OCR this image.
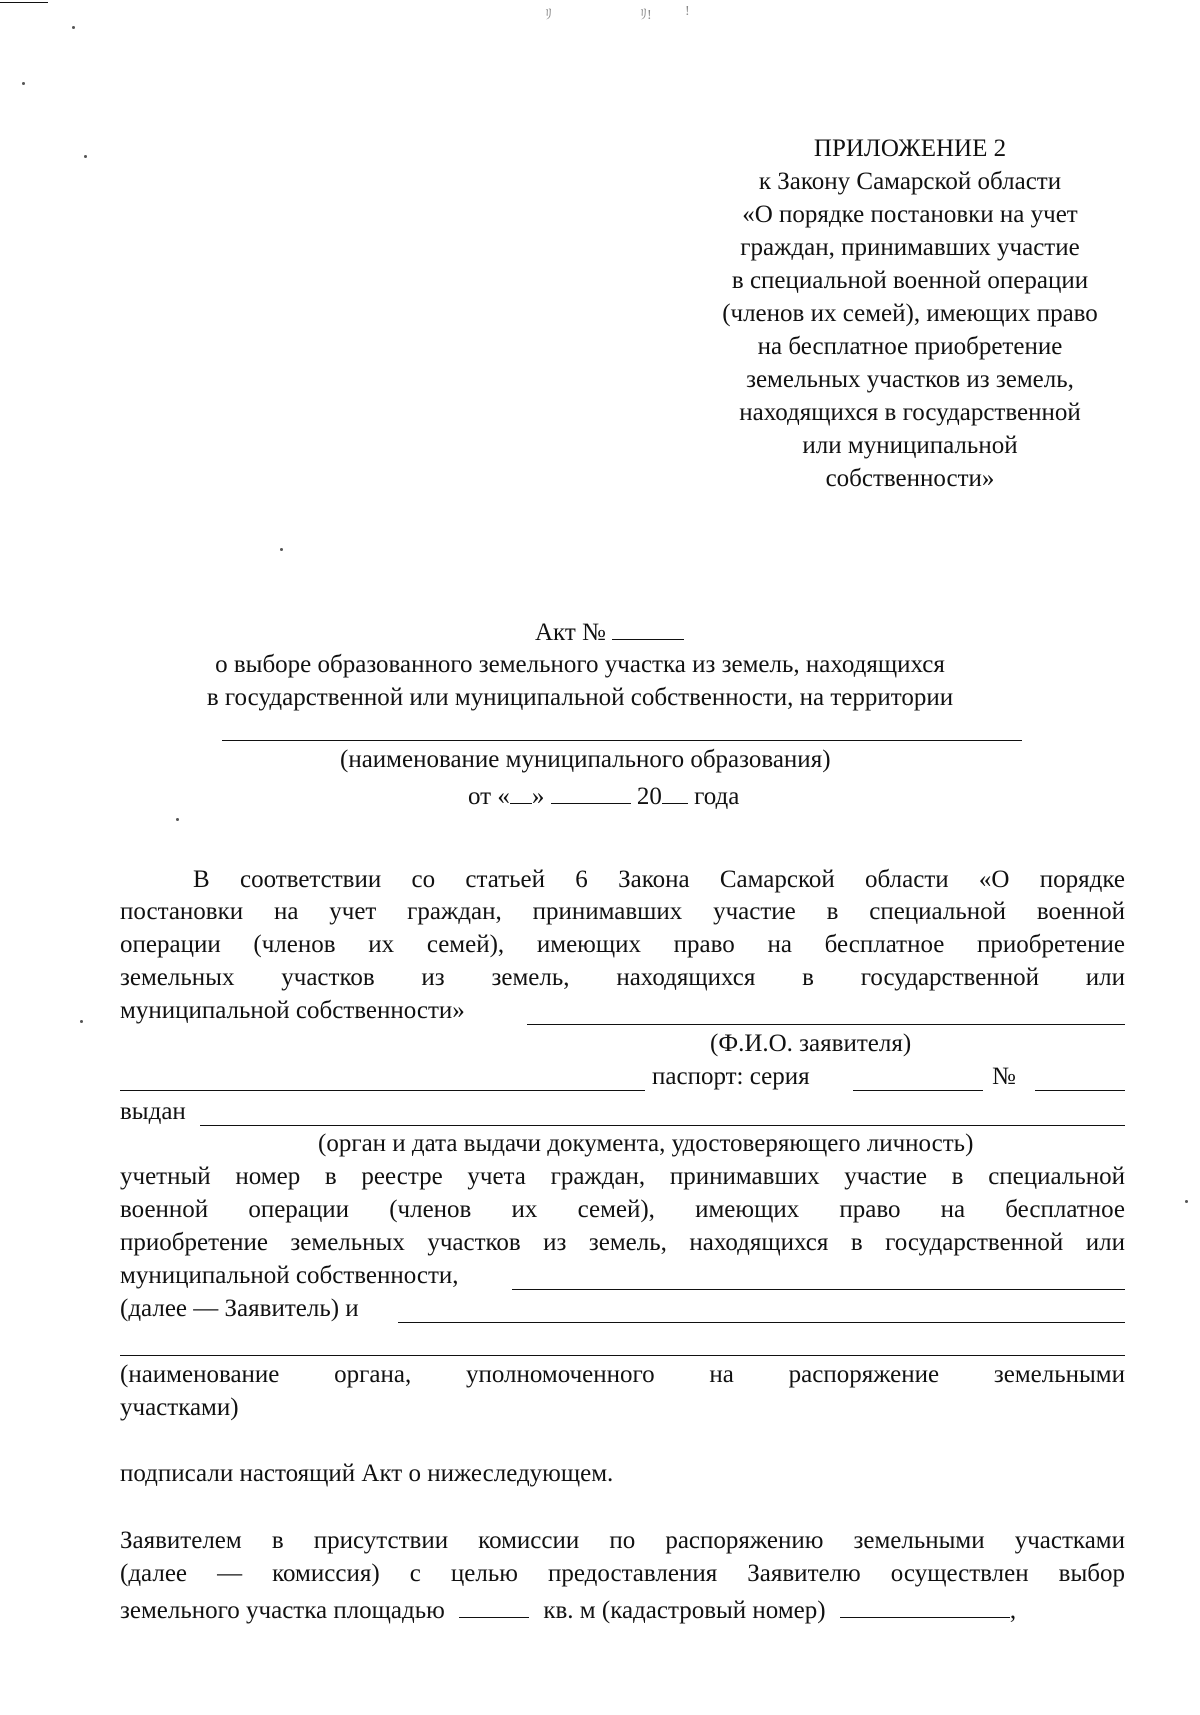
ﾘ	ﾘ! !
ПРИЛОЖЕНИЕ 2
к Закону Самарской области
«О порядке постановки на учет
граждан, принимавших участие
в специальной военной операции
(членов их семей), имеющих право
на бесплатное приобретение
земельных участков из земель,
находящихся в государственной
или муниципальной
собственности»
Акт №
о выборе образованного земельного участка из земель, находящихся
в государственной или муниципальной собственности, на территории
(наименование муниципального образования)
от « »	20 года
В соответствии со статьей 6 Закона Самарской области «О порядке
постановки на учет граждан, принимавших участие в специальной военной
операции (членов их семей), имеющих право на бесплатное приобретение
земельных участков из земель, находящихся в государственной или
муниципальной собственности»
(Ф.И.О. заявителя)
паспорт: серия	№
выдан
(орган и дата выдачи документа, удостоверяющего личность)
учетный номер в реестре учета граждан, принимавших участие в специальной
военной операции (членов их семей), имеющих право на бесплатное
приобретение земельных участков из земель, находящихся в государственной или
муниципальной собственности,
(далее — Заявитель) и
(наименование органа, уполномоченного на распоряжение земельными
участками)
подписали настоящий Акт о нижеследующем.
Заявителем в присутствии комиссии по распоряжению земельными участками
(далее — комиссия) с целью предоставления Заявителю осуществлен выбор
земельного участка площадью	кв. м (кадастровый номер)	,
